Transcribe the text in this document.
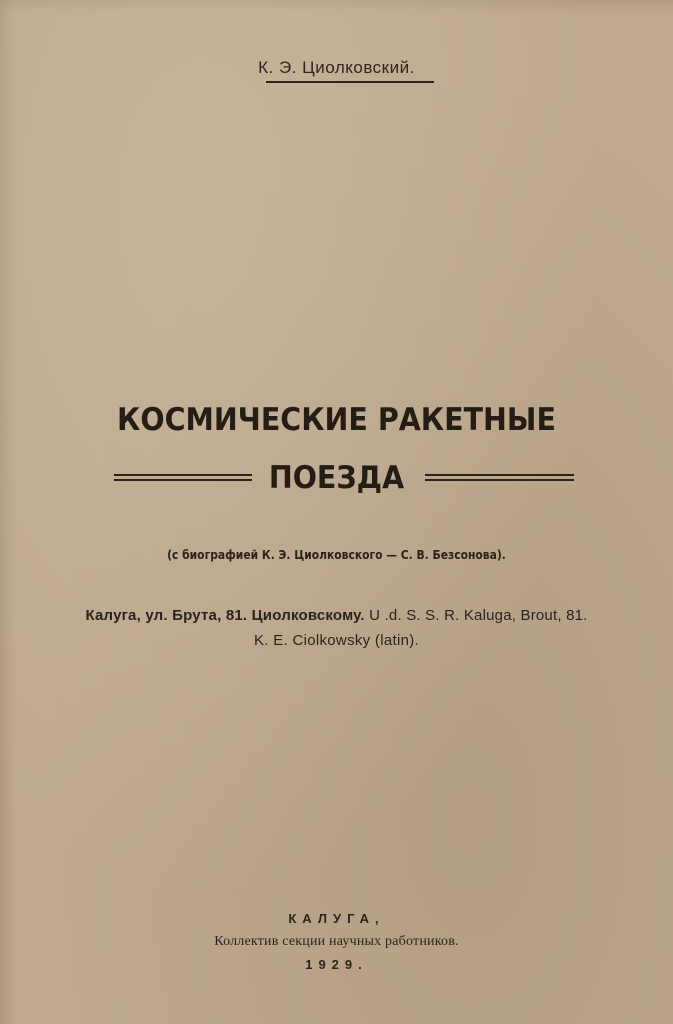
К. Э. Циолковский.
КОСМИЧЕСКИЕ РАКЕТНЫЕ
ПОЕЗДА
(с биографией К. Э. Циолковского — С. В. Безсонова).
Калуга, ул. Брута, 81. Циолковскому. U .d. S. S. R. Kaluga, Brout, 81.
K. E. Ciolkowsky (latin).
КАЛУГА,
Коллектив секции научных работников.
1929.
